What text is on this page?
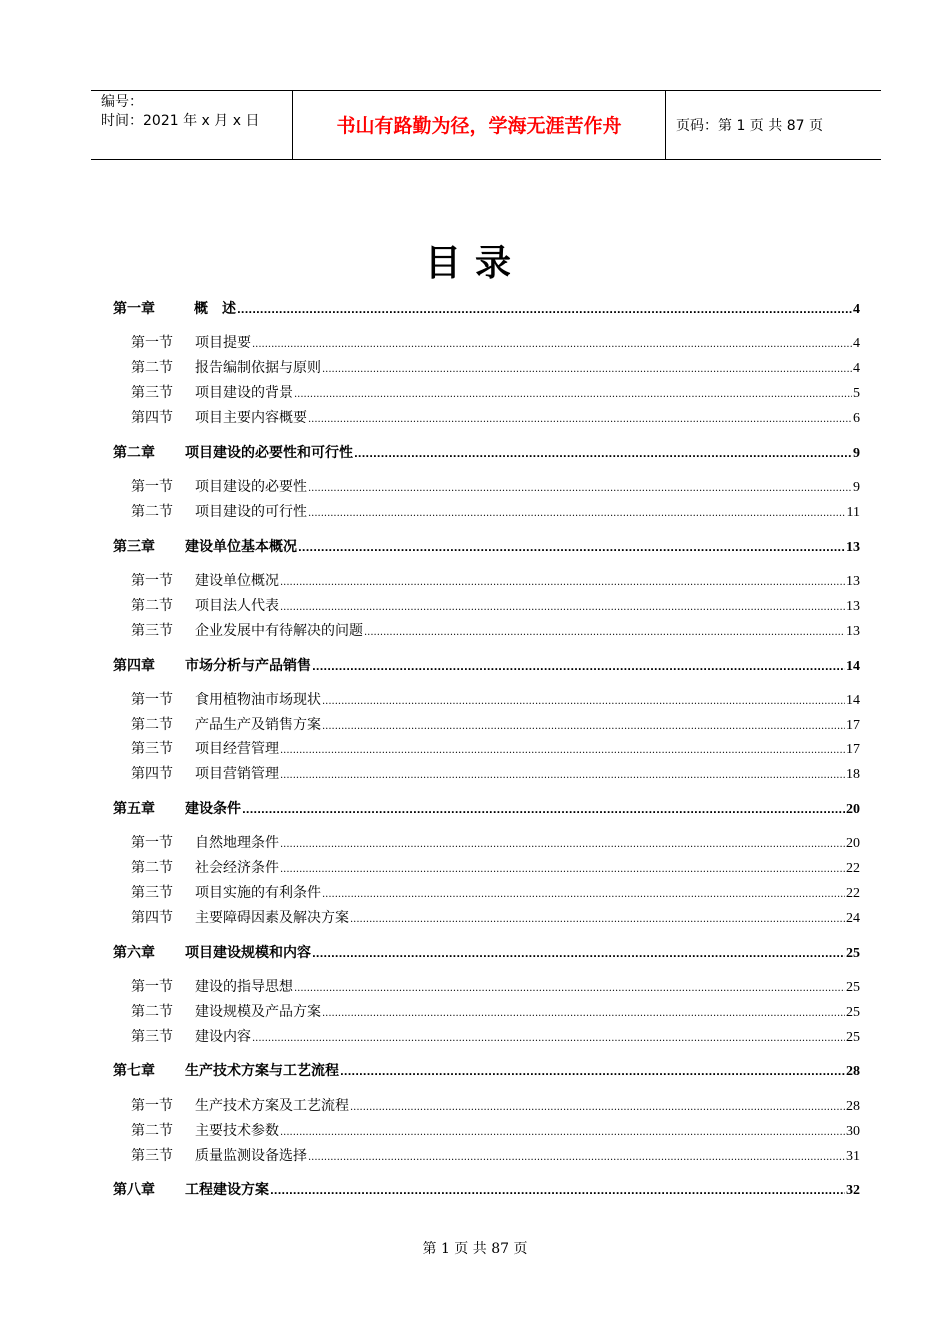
编号：
时间：2021 年 x 月 x 日	书山有路勤为径，学海无涯苦作舟	页码：第 1 页 共 87 页
目录
第一章	概　述 .....	4
第一节	项目提要 .....	4
第二节	报告编制依据与原则 .....	4
第三节	项目建设的背景 .....	5
第四节	项目主要内容概要 .....	6
第二章	项目建设的必要性和可行性 .....	9
第一节	项目建设的必要性 .....	9
第二节	项目建设的可行性 .....	11
第三章	建设单位基本概况 .....	13
第一节	建设单位概况 .....	13
第二节	项目法人代表 .....	13
第三节	企业发展中有待解决的问题 .....	13
第四章	市场分析与产品销售 .....	14
第一节	食用植物油市场现状 .....	14
第二节	产品生产及销售方案 .....	17
第三节	项目经营管理 .....	17
第四节	项目营销管理 .....	18
第五章	建设条件 .....	20
第一节	自然地理条件 .....	20
第二节	社会经济条件 .....	22
第三节	项目实施的有利条件 .....	22
第四节	主要障碍因素及解决方案 .....	24
第六章	项目建设规模和内容 .....	25
第一节	建设的指导思想 .....	25
第二节	建设规模及产品方案 .....	25
第三节	建设内容 .....	25
第七章	生产技术方案与工艺流程 .....	28
第一节	生产技术方案及工艺流程 .....	28
第二节	主要技术参数 .....	30
第三节	质量监测设备选择 .....	31
第八章	工程建设方案 .....	32
第 1 页 共 87 页
